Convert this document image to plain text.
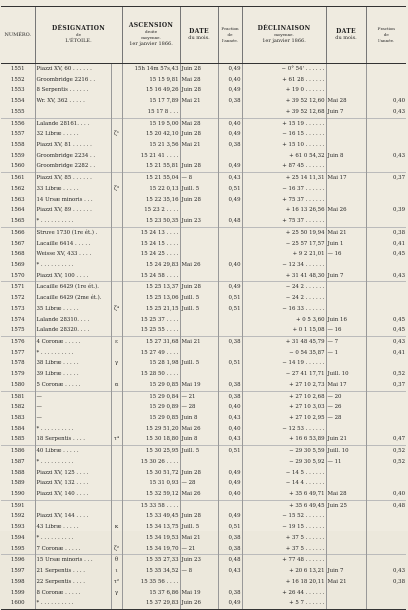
NUMÉRO.	DÉSIGNATION
de
L'ÉTOILE.		ASCENSION
droite
moyenne.
1er janvier 1866.	DATE
du mois.	Fraction
de
l'année.	DÉCLINAISON
moyenne.
1er janvier 1866.	DATE
du mois.	Fraction
de
l'année.

1551	Piazzi XV, 60 . . . . . .		15h 14m 57s,43	Juin 28	0,49	− 0° 54' . . . . . .		
1552	Groombridge 2216 . .		15 15 9,81	Mai 28	0,40	+ 61 28 . . . . . .		
1553	8 Serpentis . . . . . .		15 16 49,26	Juin 28	0,49	+ 19 0 . . . . . .		
1554	Wr. XV, 362 . . . . .		15 17 7,89	Mai 21	0,38	+ 39 52 12,60	Mai 28	0,40
1555			15 17 8 . . .			+ 39 52 12,68	Juin 7	0,43
1556	Lalande 28161. . . .		15 19 5,00	Mai 28	0,40	+ 15 19 . . . . . .		
1557	32 Libræ . . . . .	ζ¹	15 20 42,10	Juin 28	0,49	− 16 15 . . . . . .		
1558	Piazzi XV, 81 . . . . . .		15 21 3,56	Mai 21	0,38	+ 15 10 . . . . . .		
1559	Groombridge 2234 . .		15 21 41 . . . .			+ 61 0 54,32	Juin 8	0,43
1560	Groombridge 2282 . .		15 21 55,81	Juin 28	0,49	+ 87 45 . . . . . .		
1561	Piazzi XV, 85 . . . . . .		15 21 55,04	— 8	0,43	+ 25 14 11,31	Mai 17	0,37
1562	33 Libræ . . . . .	ζ³	15 22 0,13	Juill. 5	0,51	− 16 37 . . . . . .		
1563	14 Ursæ minoris . . .		15 22 35,16	Juin 28	0,49	+ 75 37 . . . . . .		
1564	Piazzi XV, 89 . . . . . .		15 23 2 . . . .			+ 16 13 26,56	Mai 26	0,39
1565	* . . . . . . . . . .		15 23 50,35	Juin 23	0,48	+ 75 37 . . . . . .		
1566	Struve 1730 (1re ét.) .		15 24 13 . . . .			+ 25 50 19,94	Mai 21	0,38
1567	Lacaille 6414 . . . . .		15 24 15 . . . .			− 25 57 17,57	Juin 1	0,41
1568	Weisse XV, 433 . . . .		15 24 25 . . . .			+ 9 2 21,01	— 16	0,45
1569	* . . . . . . . . . .		15 24 29,83	Mai 26	0,40	− 12 34 . . . . . .		
1570	Piazzi XV, 100 . . . .		15 24 58 . . . .			+ 31 41 48,30	Juin 7	0,43
1571	Lacaille 6429 (1re ét.).		15 25 13,37	Juin 28	0,49	− 24 2 . . . . . .		
1572	Lacaille 6429 (2me ét.).		15 25 13,06	Juill. 5	0,51	− 24 2 . . . . . .		
1573	35 Libræ . . . . .	ζ⁴	15 25 21,15	Juill. 5	0,51	− 16 33 . . . . . .		
1574	Lalande 28310. . . .		15 25 37 . . . .			+ 0 5 3,60	Juin 16	0,45
1575	Lalande 28320. . . .		15 25 55 . . . .			+ 0 1 15,08	— 16	0,45
1576	4 Coronæ . . . . .	ε	15 27 31,68	Mai 21	0,38	+ 31 48 45,79	— 7	0,43
1577	* . . . . . . . . . .		15 27 49 . . . .			− 0 54 35,87	— 1	0,41
1578	38 Libræ . . . . .	γ	15 28 1,98	Juill. 5	0,51	− 14 19 . . . . . .		
1579	39 Libræ . . . . .		15 28 50 . . . .			− 27 41 17,71	Juill. 10	0,52
1580	5 Coronæ . . . . .	α	15 29 0,85	Mai 19	0,38	+ 27 10 2,73	Mai 17	0,37
1581	—		15 29 0,84	— 21	0,38	+ 27 10 2,68	— 20	
1582	—		15 29 0,89	— 28	0,40	+ 27 10 3,03	— 26	
1583	—		15 29 0,85	Juin 8	0,43	+ 27 10 2,95	— 28	
1584	* . . . . . . . . . .		15 29 51,20	Mai 26	0,40	− 12 53 . . . . . .		
1585	18 Serpentis . . . .	τ⁴	15 30 18,80	Juin 8	0,43	+ 16 6 53,89	Juin 21	0,47
1586	40 Libræ . . . . .		15 30 25,95	Juill. 5	0,51	− 29 30 5,59	Juill. 10	0,52
1587	* . . . . . . . . . .		15 30 26 . . . .			− 29 30 5,92	— 11	0,52
1588	Piazzi XV, 125 . . . .		15 30 51,72	Juin 28	0,49	− 14 5 . . . . . .		
1589	Piazzi XV, 132 . . . .		15 31 0,93	— 28	0,49	− 14 4 . . . . . .		
1590	Piazzi XV, 140 . . . .		15 32 59,12	Mai 26	0,40	+ 35 6 49,71	Mai 28	0,40
1591			15 33 58 . . . .			+ 35 6 49,45	Juin 25	0,48
1592	Piazzi XV, 144 . . . .		15 33 49,45	Juin 28	0,49	− 15 52 . . . . . .		
1593	43 Libræ . . . . .	κ	15 34 13,75	Juill. 5	0,51	− 19 15 . . . . . .		
1594	* . . . . . . . . . .		15 34 19,53	Mai 21	0,38	+ 37 5 . . . . . .		
1595	7 Coronæ . . . . .	ζ²	15 34 19,70	— 21	0,38	+ 37 5 . . . . . .		
1596	15 Ursæ minoris . . .	θ	15 35 27,33	Juin 23	0,48	+ 77 48 . . . . . .		
1597	21 Serpentis . . . .	ι	15 35 34,52	— 8	0,43	+ 20 6 13,21	Juin 7	0,43
1598	22 Serpentis . . . .	τ²	15 35 56 . . . .			+ 16 18 20,11	Mai 21	0,38
1599	8 Coronæ . . . . .	γ	15 37 6,86	Mai 19	0,38	+ 26 44 . . . . . .		
1600	* . . . . . . . . . .		15 37 29,83	Juin 26	0,49	+ 5 7 . . . . . .		
